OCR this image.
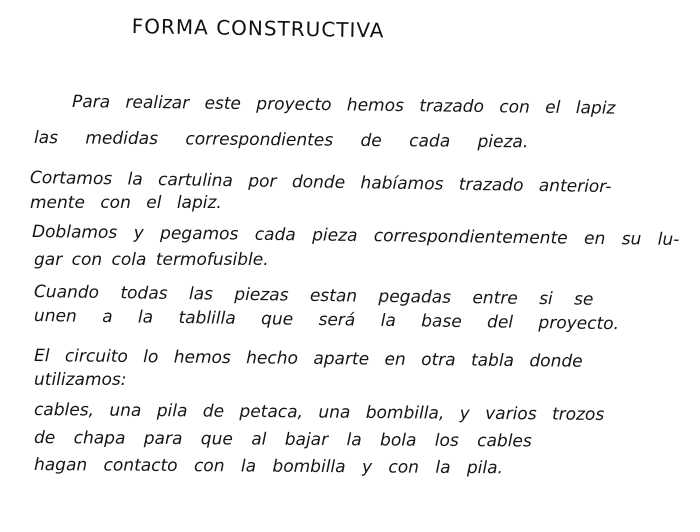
FORMA CONSTRUCTIVA
Para realizar este proyecto hemos trazado con el lapiz
las medidas correspondientes de cada pieza.
Cortamos la cartulina por donde habíamos trazado anterior-
mente con el lapiz.
Doblamos y pegamos cada pieza correspondientemente en su lu-
gar con cola termofusible.
Cuando todas las piezas estan pegadas entre si se
unen a la tablilla que será la base del proyecto.
El circuito lo hemos hecho aparte en otra tabla donde
utilizamos:
cables, una pila de petaca, una bombilla, y varios trozos
de chapa para que al bajar la bola los cables
hagan contacto con la bombilla y con la pila.
